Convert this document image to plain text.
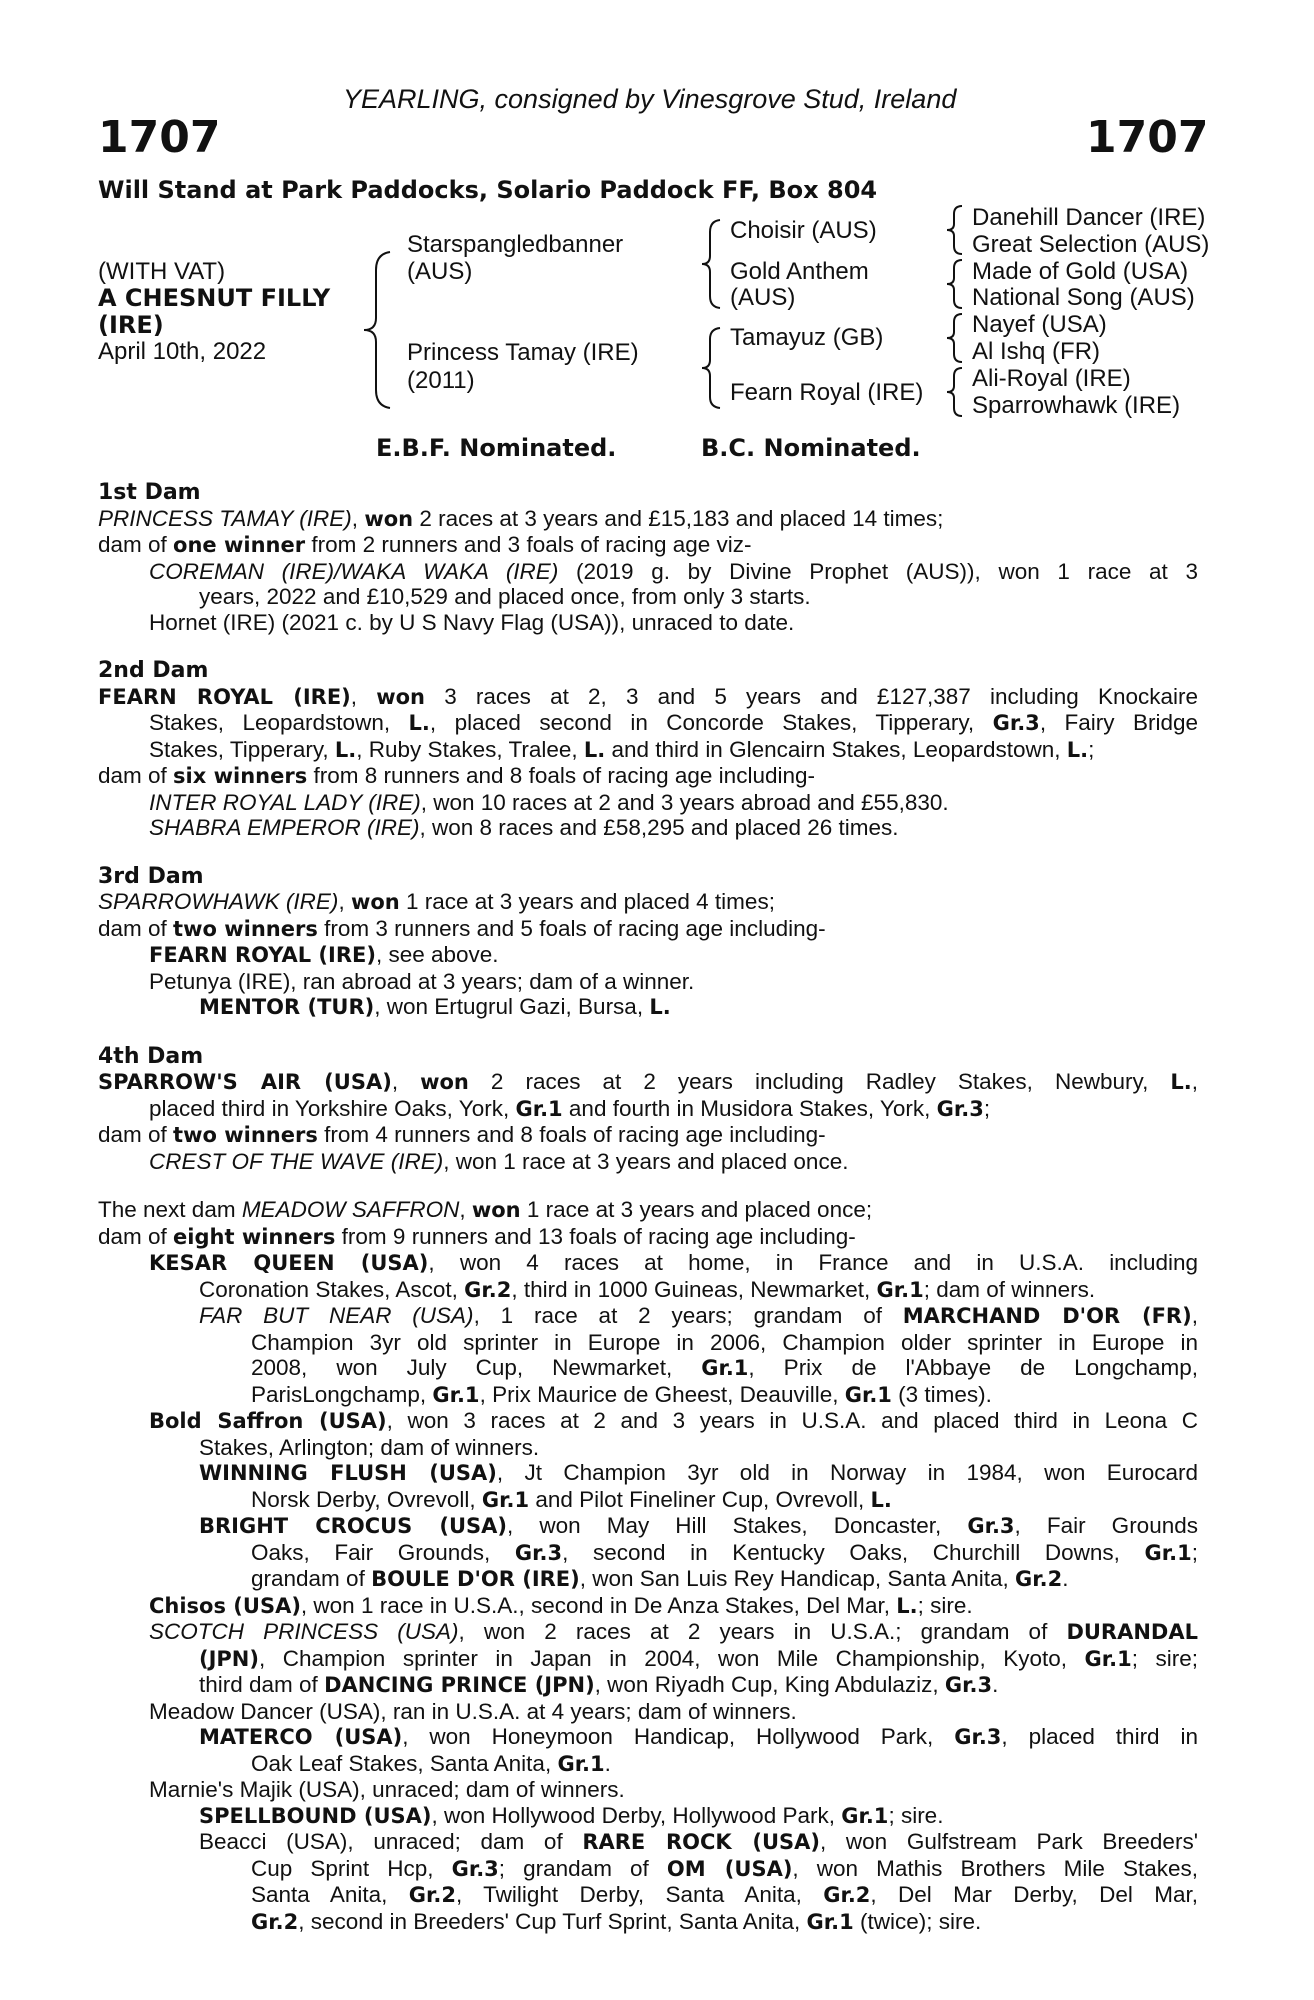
YEARLING, consigned by Vinesgrove Stud, Ireland
1707	1707
Will Stand at Park Paddocks, Solario Paddock FF, Box 804
(WITH VAT)
A CHESNUT FILLY
(IRE)
April 10th, 2022
Starspangledbanner
(AUS)
Princess Tamay (IRE)
(2011)
Choisir (AUS)
Gold Anthem
(AUS)
Tamayuz (GB)
Fearn Royal (IRE)
Danehill Dancer (IRE)
Great Selection (AUS)
Made of Gold (USA)
National Song (AUS)
Nayef (USA)
Al Ishq (FR)
Ali-Royal (IRE)
Sparrowhawk (IRE)
E.B.F. Nominated.	B.C. Nominated.
1st Dam
PRINCESS TAMAY (IRE), won 2 races at 3 years and £15,183 and placed 14 times;
dam of one winner from 2 runners and 3 foals of racing age viz-
COREMAN (IRE)/WAKA WAKA (IRE) (2019 g. by Divine Prophet (AUS)), won 1 race at 3
years, 2022 and £10,529 and placed once, from only 3 starts.
Hornet (IRE) (2021 c. by U S Navy Flag (USA)), unraced to date.
2nd Dam
FEARN ROYAL (IRE), won 3 races at 2, 3 and 5 years and £127,387 including Knockaire
Stakes, Leopardstown, L., placed second in Concorde Stakes, Tipperary, Gr.3, Fairy Bridge
Stakes, Tipperary, L., Ruby Stakes, Tralee, L. and third in Glencairn Stakes, Leopardstown, L.;
dam of six winners from 8 runners and 8 foals of racing age including-
INTER ROYAL LADY (IRE), won 10 races at 2 and 3 years abroad and £55,830.
SHABRA EMPEROR (IRE), won 8 races and £58,295 and placed 26 times.
3rd Dam
SPARROWHAWK (IRE), won 1 race at 3 years and placed 4 times;
dam of two winners from 3 runners and 5 foals of racing age including-
FEARN ROYAL (IRE), see above.
Petunya (IRE), ran abroad at 3 years; dam of a winner.
MENTOR (TUR), won Ertugrul Gazi, Bursa, L.
4th Dam
SPARROW'S AIR (USA), won 2 races at 2 years including Radley Stakes, Newbury, L.,
placed third in Yorkshire Oaks, York, Gr.1 and fourth in Musidora Stakes, York, Gr.3;
dam of two winners from 4 runners and 8 foals of racing age including-
CREST OF THE WAVE (IRE), won 1 race at 3 years and placed once.
The next dam MEADOW SAFFRON, won 1 race at 3 years and placed once;
dam of eight winners from 9 runners and 13 foals of racing age including-
KESAR QUEEN (USA), won 4 races at home, in France and in U.S.A. including
Coronation Stakes, Ascot, Gr.2, third in 1000 Guineas, Newmarket, Gr.1; dam of winners.
FAR BUT NEAR (USA), 1 race at 2 years; grandam of MARCHAND D'OR (FR),
Champion 3yr old sprinter in Europe in 2006, Champion older sprinter in Europe in
2008, won July Cup, Newmarket, Gr.1, Prix de l'Abbaye de Longchamp,
ParisLongchamp, Gr.1, Prix Maurice de Gheest, Deauville, Gr.1 (3 times).
Bold Saffron (USA), won 3 races at 2 and 3 years in U.S.A. and placed third in Leona C
Stakes, Arlington; dam of winners.
WINNING FLUSH (USA), Jt Champion 3yr old in Norway in 1984, won Eurocard
Norsk Derby, Ovrevoll, Gr.1 and Pilot Fineliner Cup, Ovrevoll, L.
BRIGHT CROCUS (USA), won May Hill Stakes, Doncaster, Gr.3, Fair Grounds
Oaks, Fair Grounds, Gr.3, second in Kentucky Oaks, Churchill Downs, Gr.1;
grandam of BOULE D'OR (IRE), won San Luis Rey Handicap, Santa Anita, Gr.2.
Chisos (USA), won 1 race in U.S.A., second in De Anza Stakes, Del Mar, L.; sire.
SCOTCH PRINCESS (USA), won 2 races at 2 years in U.S.A.; grandam of DURANDAL
(JPN), Champion sprinter in Japan in 2004, won Mile Championship, Kyoto, Gr.1; sire;
third dam of DANCING PRINCE (JPN), won Riyadh Cup, King Abdulaziz, Gr.3.
Meadow Dancer (USA), ran in U.S.A. at 4 years; dam of winners.
MATERCO (USA), won Honeymoon Handicap, Hollywood Park, Gr.3, placed third in
Oak Leaf Stakes, Santa Anita, Gr.1.
Marnie's Majik (USA), unraced; dam of winners.
SPELLBOUND (USA), won Hollywood Derby, Hollywood Park, Gr.1; sire.
Beacci (USA), unraced; dam of RARE ROCK (USA), won Gulfstream Park Breeders'
Cup Sprint Hcp, Gr.3; grandam of OM (USA), won Mathis Brothers Mile Stakes,
Santa Anita, Gr.2, Twilight Derby, Santa Anita, Gr.2, Del Mar Derby, Del Mar,
Gr.2, second in Breeders' Cup Turf Sprint, Santa Anita, Gr.1 (twice); sire.
